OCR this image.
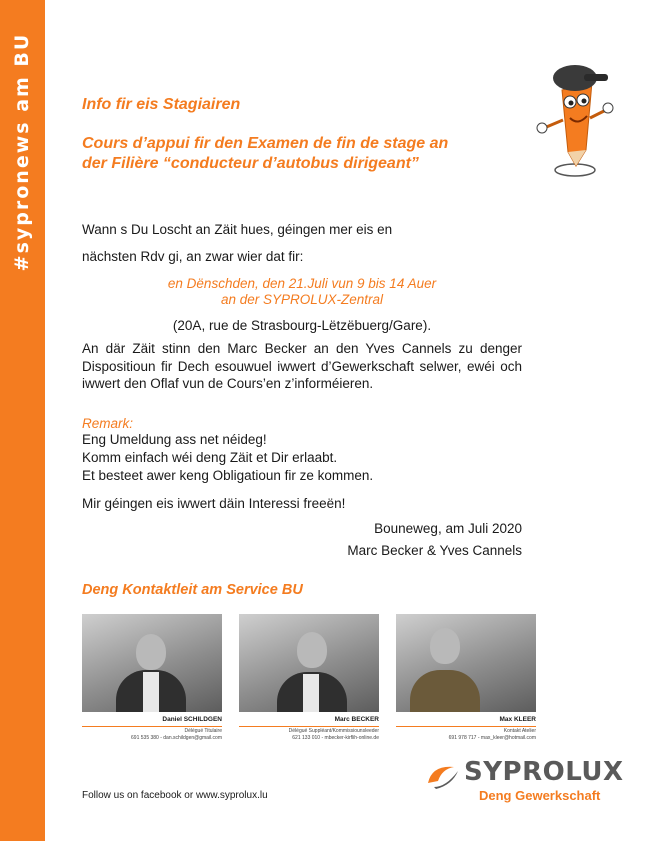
#sypronews am BU	Info fir eis Stagiairen
Cours d’appui fir den Examen de fin de stage an
der Filière “conducteur d’autobus dirigeant”
Wann s Du Loscht an Zäit hues, géingen mer eis en
nächsten Rdv gi, an zwar wier dat fir:
en Dënschden, den 21.Juli vun 9 bis 14 Auer
an der SYPROLUX-Zentral
(20A, rue de Strasbourg-Lëtzëbuerg/Gare).
An där Zäit stinn den Marc Becker an den Yves Cannels zu denger Dispositioun fir Dech esouwuel iwwert d’Gewerkschaft selwer, ewéi och iwwert den Oflaf vun de Cours’en z’informéieren.
Remark:
Eng Umeldung ass net néideg!
Komm einfach wéi deng Zäit et Dir erlaabt.
Et besteet awer keng Obligatioun fir ze kommen.
Mir géingen eis iwwert däin Interessi freeën!
Bouneweg, am Juli 2020
Marc Becker & Yves Cannels
Deng Kontaktleit am Service BU
Daniel SCHILDGEN
Délégué Titulaire
691 535 380 - dan.schildgen@gmail.com
Marc BECKER
Délégué Suppléant/Kommissiounsleeder
621 133 010 - mbecker-kirflih-online.de
Max KLEER
Kontakt Atelier
691 978 717 - max_kleer@hotmail.com
SYPROLUX
Deng Gewerkschaft
Follow us on facebook or www.syprolux.lu
